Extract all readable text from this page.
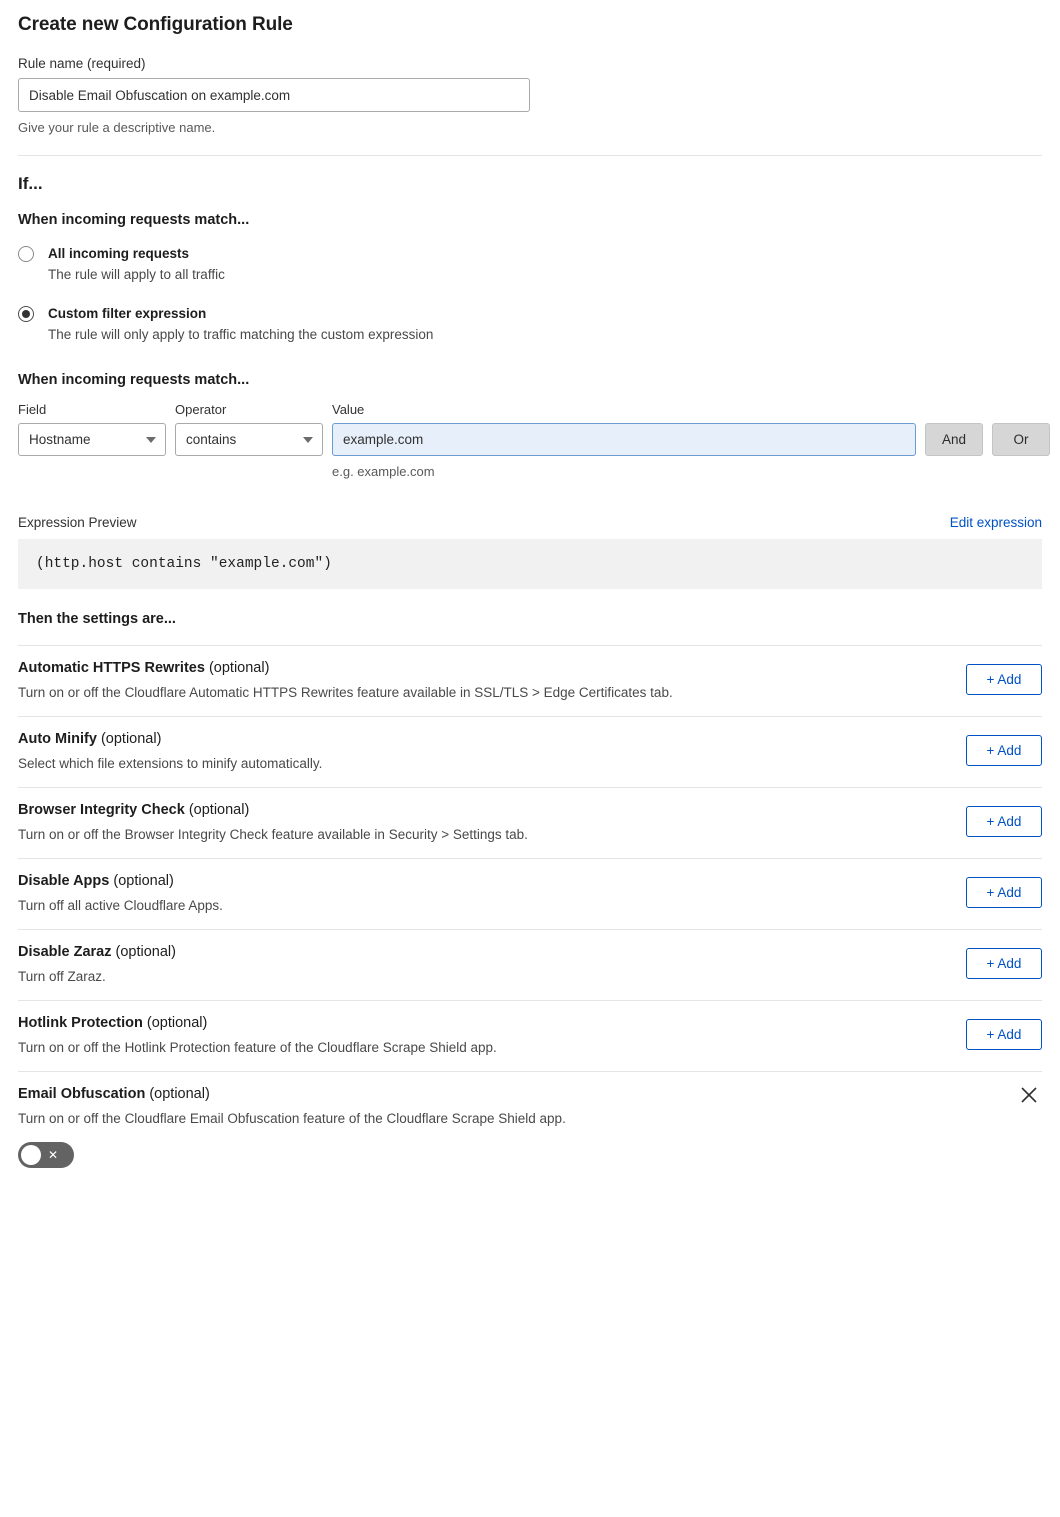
Create new Configuration Rule
Rule name (required)
Disable Email Obfuscation on example.com
Give your rule a descriptive name.
If...
When incoming requests match...
All incoming requests
The rule will apply to all traffic
Custom filter expression
The rule will only apply to traffic matching the custom expression
When incoming requests match...
Field
Hostname
Operator
contains
Value
example.com
e.g. example.com

And
	Or
Expression Preview	Edit expression
(http.host contains "example.com")
Then the settings are...
Automatic HTTPS Rewrites (optional)
Turn on or off the Cloudflare Automatic HTTPS Rewrites feature available in SSL/TLS > Edge Certificates tab.
+ Add
Auto Minify (optional)
Select which file extensions to minify automatically.
+ Add
Browser Integrity Check (optional)
Turn on or off the Browser Integrity Check feature available in Security > Settings tab.
+ Add
Disable Apps (optional)
Turn off all active Cloudflare Apps.
+ Add
Disable Zaraz (optional)
Turn off Zaraz.
+ Add
Hotlink Protection (optional)
Turn on or off the Hotlink Protection feature of the Cloudflare Scrape Shield app.
+ Add
Email Obfuscation (optional)
Turn on or off the Cloudflare Email Obfuscation feature of the Cloudflare Scrape Shield app.
✕
